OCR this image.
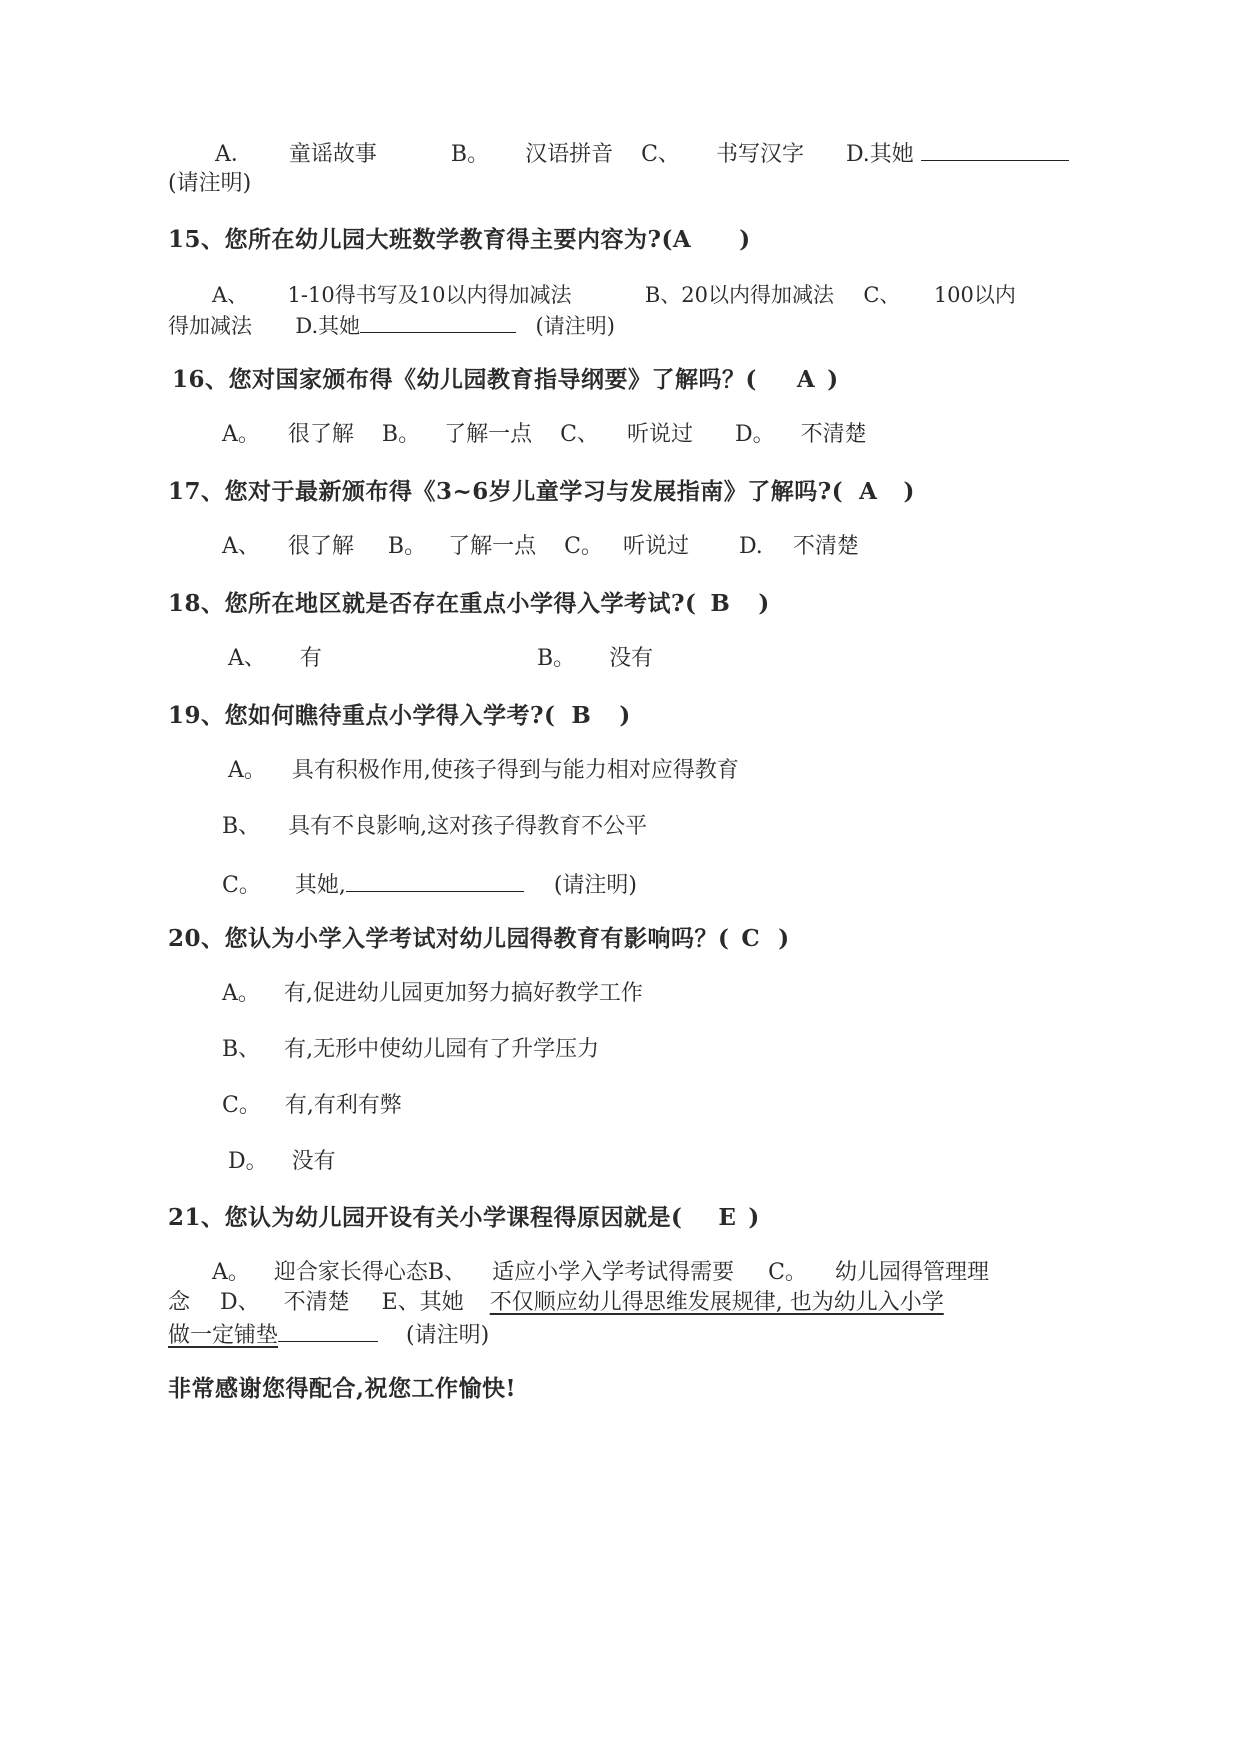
A． 童谣故事	B。 汉语拼音 C、 书写汉字 D.其她
(请注明)
15、您所在幼儿园大班数学教育得主要内容为?(A )
A、 1-10得书写及10以内得加减法	B、20以内得加减法 C、 100以内
得加减法 D.其她	(请注明)
16、您对国家颁布得《幼儿园教育指导纲要》了解吗？( A )
A。 很了解 B。 了解一点 C、 听说过 D。 不清楚
17、您对于最新颁布得《3~6岁儿童学习与发展指南》了解吗?( A )
A、 很了解 B。 了解一点 C。 听说过 D. 不清楚
18、您所在地区就是否存在重点小学得入学考试?( B )
A、 有	B。 没有
19、您如何瞧待重点小学得入学考?( B )
A。 具有积极作用,使孩子得到与能力相对应得教育
B、 具有不良影响,这对孩子得教育不公平
C。 其她,	(请注明)
20、您认为小学入学考试对幼儿园得教育有影响吗？( C )
A。 有,促进幼儿园更加努力搞好教学工作
B、 有,无形中使幼儿园有了升学压力
C。 有,有利有弊
D。 没有
21、您认为幼儿园开设有关小学课程得原因就是( E )
A。 迎合家长得心态B、 适应小学入学考试得需要 C。 幼儿园得管理理
念 D、 不清楚 E、其她 不仅顺应幼儿得思维发展规律, 也为幼儿入小学
做一定铺垫	(请注明)
非常感谢您得配合,祝您工作愉快!
